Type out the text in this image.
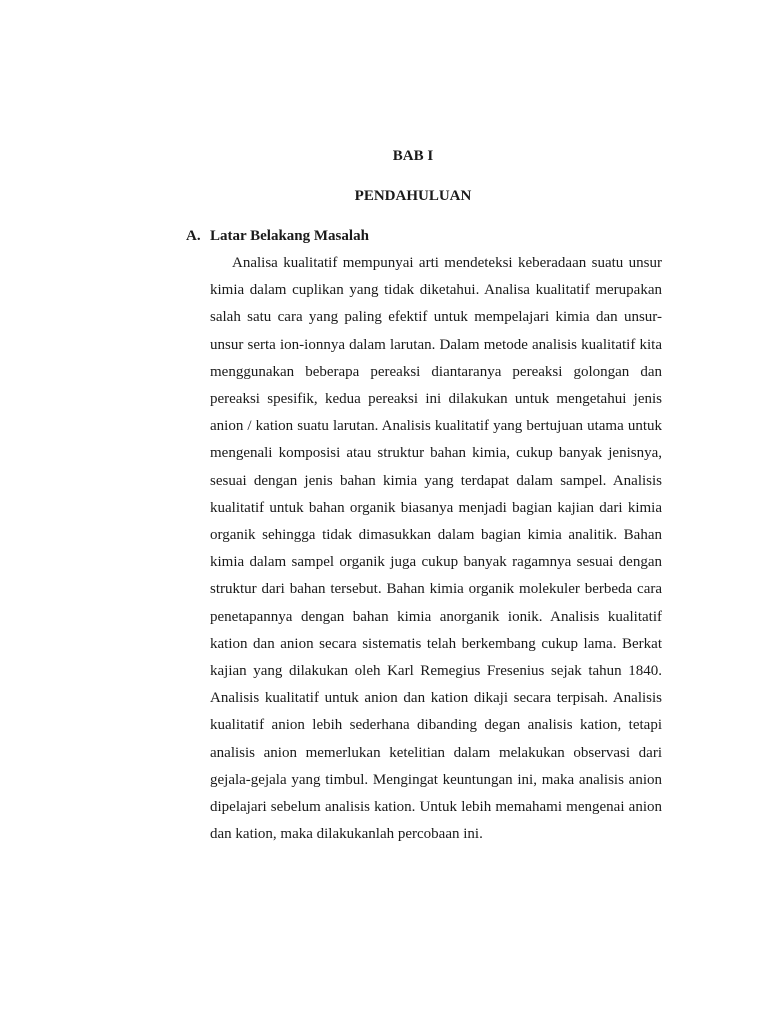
BAB I
PENDAHULUAN
A. Latar Belakang Masalah

Analisa kualitatif mempunyai arti mendeteksi keberadaan suatu unsur kimia dalam cuplikan yang tidak diketahui. Analisa kualitatif merupakan salah satu cara yang paling efektif untuk mempelajari kimia dan unsur-unsur serta ion-ionnya dalam larutan. Dalam metode analisis kualitatif kita menggunakan beberapa pereaksi diantaranya pereaksi golongan dan pereaksi spesifik, kedua pereaksi ini dilakukan untuk mengetahui jenis anion / kation suatu larutan. Analisis kualitatif yang bertujuan utama untuk mengenali komposisi atau struktur bahan kimia, cukup banyak jenisnya, sesuai dengan jenis bahan kimia yang terdapat dalam sampel. Analisis kualitatif untuk bahan organik biasanya menjadi bagian kajian dari kimia organik sehingga tidak dimasukkan dalam bagian kimia analitik. Bahan kimia dalam sampel organik juga cukup banyak ragamnya sesuai dengan struktur dari bahan tersebut. Bahan kimia organik molekuler berbeda cara penetapannya dengan bahan kimia anorganik ionik. Analisis kualitatif kation dan anion secara sistematis telah berkembang cukup lama. Berkat kajian yang dilakukan oleh Karl Remegius Fresenius sejak tahun 1840. Analisis kualitatif untuk anion dan kation dikaji secara terpisah. Analisis kualitatif anion lebih sederhana dibanding degan analisis kation, tetapi analisis anion memerlukan ketelitian dalam melakukan observasi dari gejala-gejala yang timbul. Mengingat keuntungan ini, maka analisis anion dipelajari sebelum analisis kation. Untuk lebih memahami mengenai anion dan kation, maka dilakukanlah percobaan ini.
